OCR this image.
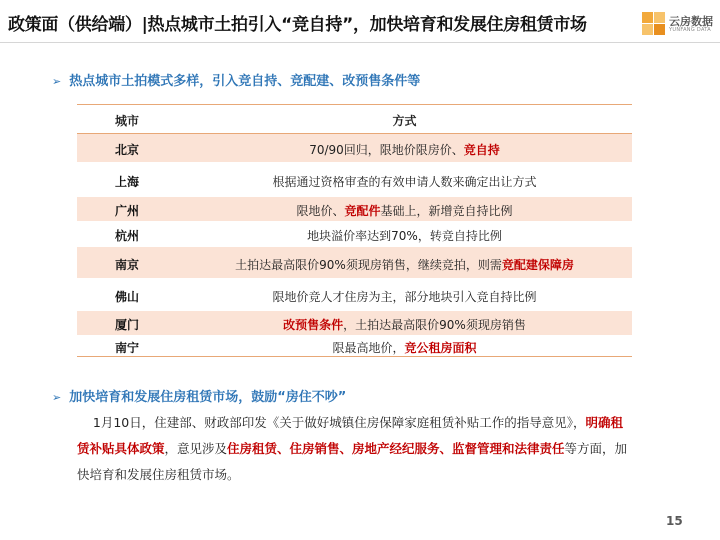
政策面（供给端）|热点城市土拍引入“竞自持”，加快培育和发展住房租赁市场	云房数据
YUNFANG DATA
➢ 热点城市土拍模式多样，引入竞自持、竞配建、改预售条件等
城市	方式
北京	70/90回归，限地价限房价、竞自持
上海	根据通过资格审查的有效申请人数来确定出让方式
广州	限地价、竞配件基础上，新增竞自持比例
杭州	地块溢价率达到70%，转竞自持比例
南京	土拍达最高限价90%须现房销售，继续竞拍，则需竞配建保障房
佛山	限地价竞人才住房为主，部分地块引入竞自持比例
厦门	改预售条件，土拍达最高限价90%须现房销售
南宁	限最高地价，竞公租房面积
➢ 加快培育和发展住房租赁市场，鼓励“房住不吵”
1月10日，住建部、财政部印发《关于做好城镇住房保障家庭租赁补贴工作的指导意见》，明确租赁补贴具体政策，意见涉及住房租赁、住房销售、房地产经纪服务、监督管理和法律责任等方面，加快培育和发展住房租赁市场。
15
